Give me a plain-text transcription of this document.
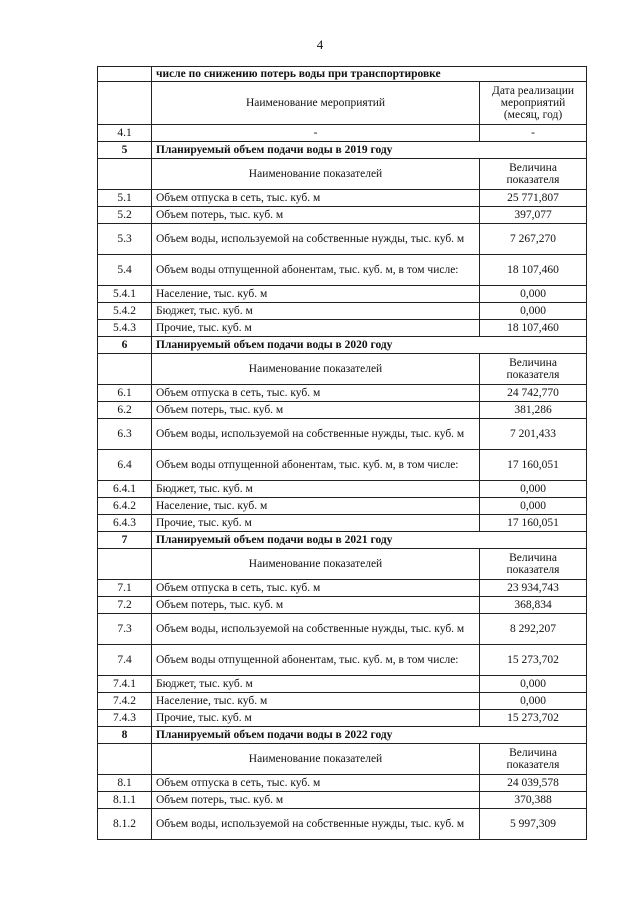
4
	числе по снижению потерь воды при транспортировке	
	Наименование мероприятий	Дата реализации мероприятий (месяц, год)
4.1	-	-
5	Планируемый объем подачи воды в 2019 году	
	Наименование показателей	Величина показателя
5.1	Объем отпуска в сеть, тыс. куб. м	25 771,807
5.2	Объем потерь, тыс. куб. м	397,077
5.3	Объем воды, используемой на собственные нужды, тыс. куб. м	7 267,270
5.4	Объем воды отпущенной абонентам, тыс. куб. м, в том числе:	18 107,460
5.4.1	Население, тыс. куб. м	0,000
5.4.2	Бюджет, тыс. куб. м	0,000
5.4.3	Прочие, тыс. куб. м	18 107,460
6	Планируемый объем подачи воды в 2020 году	
	Наименование показателей	Величина показателя
6.1	Объем отпуска в сеть, тыс. куб. м	24 742,770
6.2	Объем потерь, тыс. куб. м	381,286
6.3	Объем воды, используемой на собственные нужды, тыс. куб. м	7 201,433
6.4	Объем воды отпущенной абонентам, тыс. куб. м, в том числе:	17 160,051
6.4.1	Бюджет, тыс. куб. м	0,000
6.4.2	Население, тыс. куб. м	0,000
6.4.3	Прочие, тыс. куб. м	17 160,051
7	Планируемый объем подачи воды в 2021 году	
	Наименование показателей	Величина показателя
7.1	Объем отпуска в сеть, тыс. куб. м	23 934,743
7.2	Объем потерь, тыс. куб. м	368,834
7.3	Объем воды, используемой на собственные нужды, тыс. куб. м	8 292,207
7.4	Объем воды отпущенной абонентам, тыс. куб. м, в том числе:	15 273,702
7.4.1	Бюджет, тыс. куб. м	0,000
7.4.2	Население, тыс. куб. м	0,000
7.4.3	Прочие, тыс. куб. м	15 273,702
8	Планируемый объем подачи воды в 2022 году	
	Наименование показателей	Величина показателя
8.1	Объем отпуска в сеть, тыс. куб. м	24 039,578
8.1.1	Объем потерь, тыс. куб. м	370,388
8.1.2	Объем воды, используемой на собственные нужды, тыс. куб. м	5 997,309
